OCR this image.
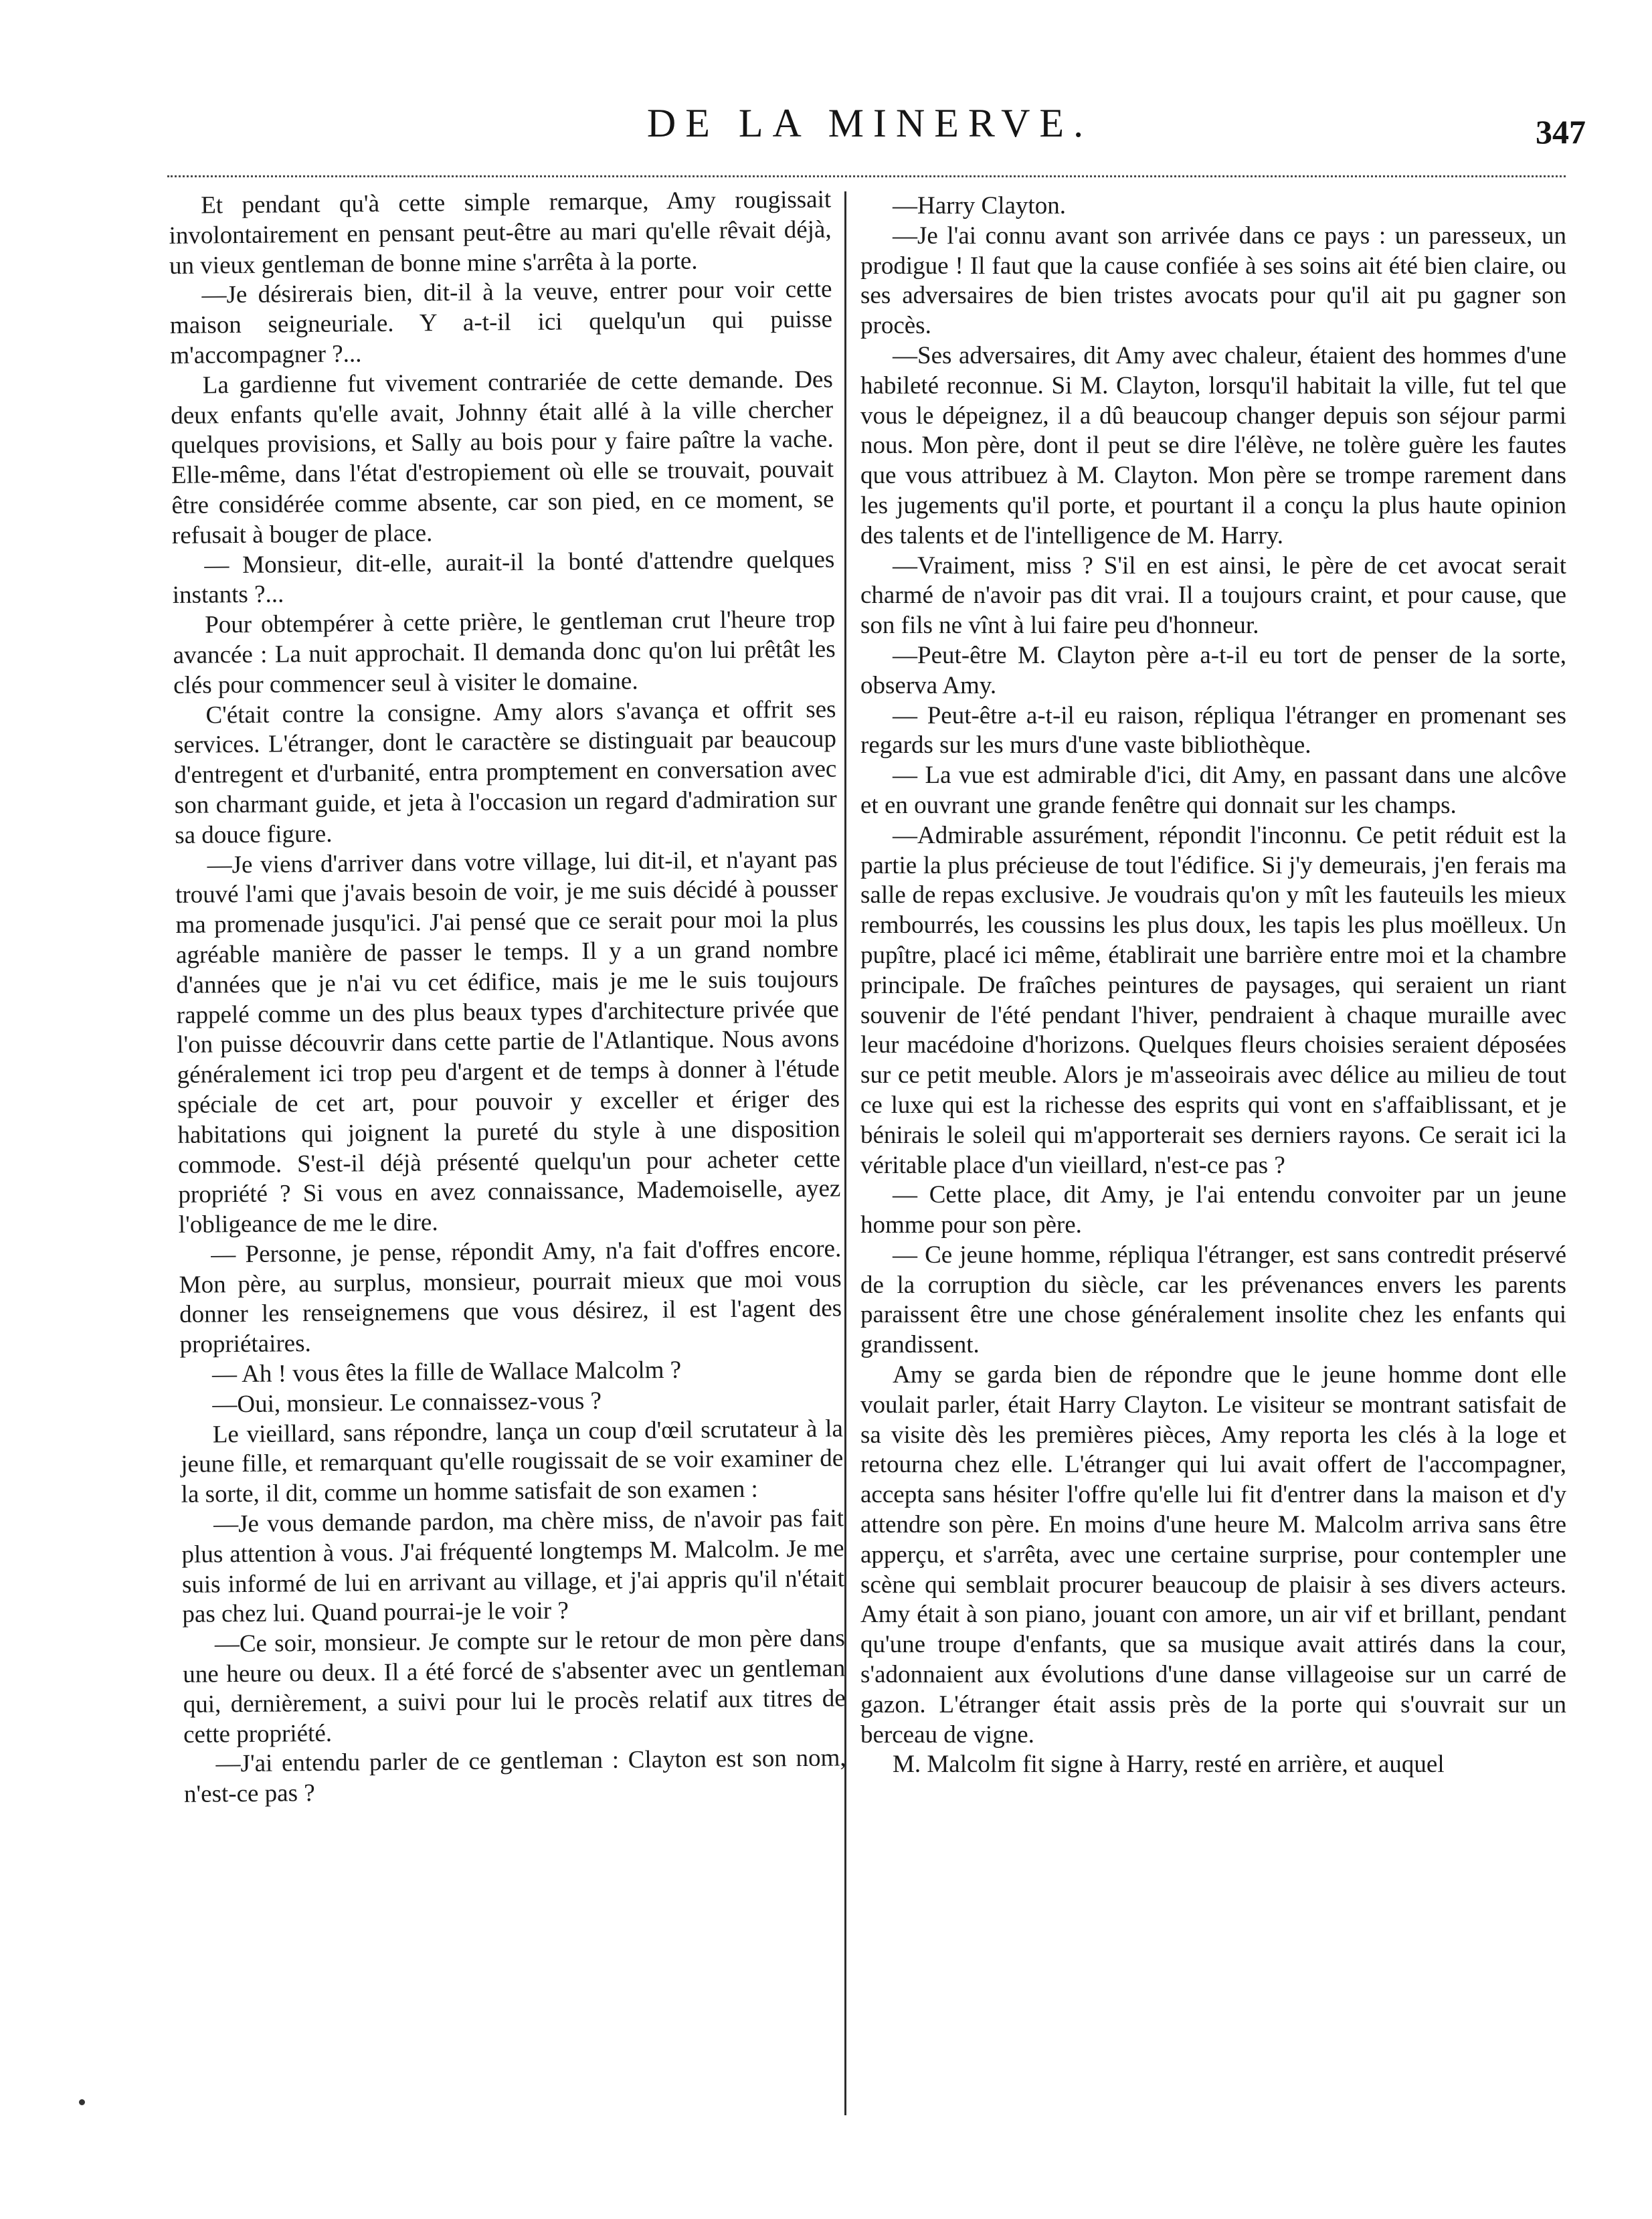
DE LA MINERVE.	347

Et pendant qu'à cette simple remarque, Amy rougissait involontairement en pensant peut-être au mari qu'elle rêvait déjà, un vieux gentleman de bonne mine s'arrêta à la porte.

—Je désirerais bien, dit-il à la veuve, entrer pour voir cette maison seigneuriale. Y a-t-il ici quelqu'un qui puisse m'accompagner ?...

La gardienne fut vivement contrariée de cette demande. Des deux enfants qu'elle avait, Johnny était allé à la ville chercher quelques provisions, et Sally au bois pour y faire paître la vache. Elle-même, dans l'état d'estropiement où elle se trouvait, pouvait être considérée comme absente, car son pied, en ce moment, se refusait à bouger de place.

— Monsieur, dit-elle, aurait-il la bonté d'attendre quelques instants ?...

Pour obtempérer à cette prière, le gentleman crut l'heure trop avancée : La nuit approchait. Il demanda donc qu'on lui prêtât les clés pour commencer seul à visiter le domaine.

C'était contre la consigne. Amy alors s'avança et offrit ses services. L'étranger, dont le caractère se distinguait par beaucoup d'entregent et d'urbanité, entra promptement en conversation avec son charmant guide, et jeta à l'occasion un regard d'admiration sur sa douce figure.

—Je viens d'arriver dans votre village, lui dit-il, et n'ayant pas trouvé l'ami que j'avais besoin de voir, je me suis décidé à pousser ma promenade jusqu'ici. J'ai pensé que ce serait pour moi la plus agréable manière de passer le temps. Il y a un grand nombre d'années que je n'ai vu cet édifice, mais je me le suis toujours rappelé comme un des plus beaux types d'architecture privée que l'on puisse découvrir dans cette partie de l'Atlantique. Nous avons généralement ici trop peu d'argent et de temps à donner à l'étude spéciale de cet art, pour pouvoir y exceller et ériger des habitations qui joignent la pureté du style à une disposition commode. S'est-il déjà présenté quelqu'un pour acheter cette propriété ? Si vous en avez connaissance, Mademoiselle, ayez l'obligeance de me le dire.

— Personne, je pense, répondit Amy, n'a fait d'offres encore. Mon père, au surplus, monsieur, pourrait mieux que moi vous donner les renseignemens que vous désirez, il est l'agent des propriétaires.

— Ah ! vous êtes la fille de Wallace Malcolm ?

—Oui, monsieur. Le connaissez-vous ?

Le vieillard, sans répondre, lança un coup d'œil scrutateur à la jeune fille, et remarquant qu'elle rougissait de se voir examiner de la sorte, il dit, comme un homme satisfait de son examen :

—Je vous demande pardon, ma chère miss, de n'avoir pas fait plus attention à vous. J'ai fréquenté longtemps M. Malcolm. Je me suis informé de lui en arrivant au village, et j'ai appris qu'il n'était pas chez lui. Quand pourrai-je le voir ?

—Ce soir, monsieur. Je compte sur le retour de mon père dans une heure ou deux. Il a été forcé de s'absenter avec un gentleman qui, dernièrement, a suivi pour lui le procès relatif aux titres de cette propriété.

—J'ai entendu parler de ce gentleman : Clayton est son nom, n'est-ce pas ?

—Harry Clayton.

—Je l'ai connu avant son arrivée dans ce pays : un paresseux, un prodigue ! Il faut que la cause confiée à ses soins ait été bien claire, ou ses adversaires de bien tristes avocats pour qu'il ait pu gagner son procès.

—Ses adversaires, dit Amy avec chaleur, étaient des hommes d'une habileté reconnue. Si M. Clayton, lorsqu'il habitait la ville, fut tel que vous le dépeignez, il a dû beaucoup changer depuis son séjour parmi nous. Mon père, dont il peut se dire l'élève, ne tolère guère les fautes que vous attribuez à M. Clayton. Mon père se trompe rarement dans les jugements qu'il porte, et pourtant il a conçu la plus haute opinion des talents et de l'intelligence de M. Harry.

—Vraiment, miss ? S'il en est ainsi, le père de cet avocat serait charmé de n'avoir pas dit vrai. Il a toujours craint, et pour cause, que son fils ne vînt à lui faire peu d'honneur.

—Peut-être M. Clayton père a-t-il eu tort de penser de la sorte, observa Amy.

— Peut-être a-t-il eu raison, répliqua l'étranger en promenant ses regards sur les murs d'une vaste bibliothèque.

— La vue est admirable d'ici, dit Amy, en passant dans une alcôve et en ouvrant une grande fenêtre qui donnait sur les champs.

—Admirable assurément, répondit l'inconnu. Ce petit réduit est la partie la plus précieuse de tout l'édifice. Si j'y demeurais, j'en ferais ma salle de repas exclusive. Je voudrais qu'on y mît les fauteuils les mieux rembourrés, les coussins les plus doux, les tapis les plus moëlleux. Un pupître, placé ici même, établirait une barrière entre moi et la chambre principale. De fraîches peintures de paysages, qui seraient un riant souvenir de l'été pendant l'hiver, pendraient à chaque muraille avec leur macédoine d'horizons. Quelques fleurs choisies seraient déposées sur ce petit meuble. Alors je m'asseoirais avec délice au milieu de tout ce luxe qui est la richesse des esprits qui vont en s'affaiblissant, et je bénirais le soleil qui m'apporterait ses derniers rayons. Ce serait ici la véritable place d'un vieillard, n'est-ce pas ?

— Cette place, dit Amy, je l'ai entendu convoiter par un jeune homme pour son père.

— Ce jeune homme, répliqua l'étranger, est sans contredit préservé de la corruption du siècle, car les prévenances envers les parents paraissent être une chose généralement insolite chez les enfants qui grandissent.

Amy se garda bien de répondre que le jeune homme dont elle voulait parler, était Harry Clayton. Le visiteur se montrant satisfait de sa visite dès les premières pièces, Amy reporta les clés à la loge et retourna chez elle. L'étranger qui lui avait offert de l'accompagner, accepta sans hésiter l'offre qu'elle lui fit d'entrer dans la maison et d'y attendre son père. En moins d'une heure M. Malcolm arriva sans être apperçu, et s'arrêta, avec une certaine surprise, pour contempler une scène qui semblait procurer beaucoup de plaisir à ses divers acteurs. Amy était à son piano, jouant con amore, un air vif et brillant, pendant qu'une troupe d'enfants, que sa musique avait attirés dans la cour, s'adonnaient aux évolutions d'une danse villageoise sur un carré de gazon. L'étranger était assis près de la porte qui s'ouvrait sur un berceau de vigne.

M. Malcolm fit signe à Harry, resté en arrière, et auquel
